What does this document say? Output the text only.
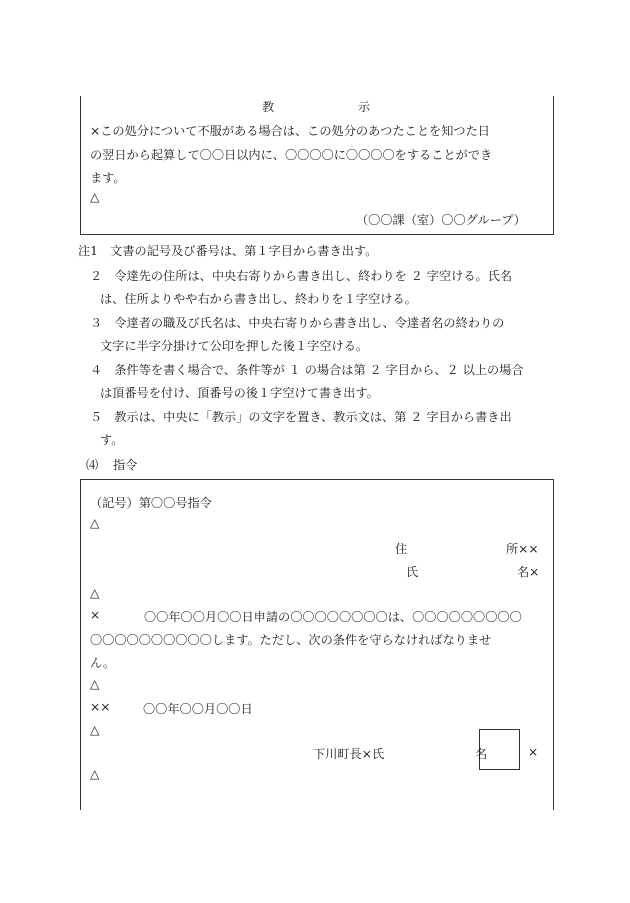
教	示
×この処分について不服がある場合は、この処分のあつたことを知つた日
の翌日から起算して〇〇日以内に、〇〇〇〇に〇〇〇〇をすることができ
ます。
△
（〇〇課（室）〇〇グループ）
注1　文書の記号及び番号は、第１字目から書き出す。
２　令達先の住所は、中央右寄りから書き出し、終わりを ２ 字空ける。氏名
は、住所よりやや右から書き出し、終わりを１字空ける。
３　令達者の職及び氏名は、中央右寄りから書き出し、令達者名の終わりの
文字に半字分掛けて公印を押した後１字空ける。
４　条件等を書く場合で、条件等が １ の場合は第 ２ 字目から、２ 以上の場合
は頂番号を付け、頂番号の後１字空けて書き出す。
５　教示は、中央に「教示」の文字を置き、教示文は、第 ２ 字目から書き出
す。
⑷ 指令
（記号）第〇〇号指令
△
住	所××
氏	名×
△
×	〇〇年〇〇月〇〇日申請の〇〇〇〇〇〇〇〇は、〇〇〇〇〇〇〇〇〇
〇〇〇〇〇〇〇〇〇〇します。ただし、次の条件を守らなければなりませ
ん。
△
××	〇〇年〇〇月〇〇日
△
下川町長×氏	名	×
△
